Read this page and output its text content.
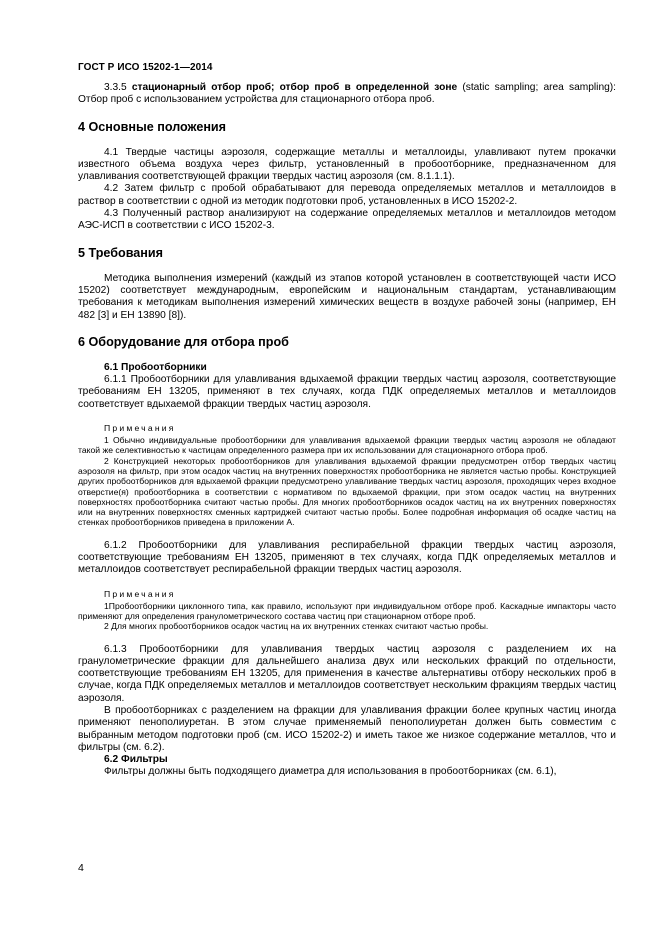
ГОСТ Р ИСО 15202-1—2014

3.3.5 стационарный отбор проб; отбор проб в определенной зоне (static sampling; area sampling): Отбор проб с использованием устройства для стационарного отбора проб.

4 Основные положения

4.1 Твердые частицы аэрозоля, содержащие металлы и металлоиды, улавливают путем прокачки известного объема воздуха через фильтр, установленный в пробоотборнике, предназначенном для улавливания соответствующей фракции твердых частиц аэрозоля (см. 8.1.1.1).

4.2 Затем фильтр с пробой обрабатывают для перевода определяемых металлов и металлоидов в раствор в соответствии с одной из методик подготовки проб, установленных в ИСО 15202-2.

4.3 Полученный раствор анализируют на содержание определяемых металлов и металлоидов методом АЭС-ИСП в соответствии с ИСО 15202-3.

5 Требования

Методика выполнения измерений (каждый из этапов которой установлен в соответствующей части ИСО 15202) соответствует международным, европейским и национальным стандартам, устанавливающим требования к методикам выполнения измерений химических веществ в воздухе рабочей зоны (например, ЕН 482 [3] и ЕН 13890 [8]).

6 Оборудование для отбора проб
6.1 Пробоотборники

6.1.1 Пробоотборники для улавливания вдыхаемой фракции твердых частиц аэрозоля, соответствующие требованиям ЕН 13205, применяют в тех случаях, когда ПДК определяемых металлов и металлоидов соответствует вдыхаемой фракции твердых частиц аэрозоля.

Примечания

1 Обычно индивидуальные пробоотборники для улавливания вдыхаемой фракции твердых частиц аэрозоля не обладают такой же селективностью к частицам определенного размера при их использовании для стационарного отбора проб.

2 Конструкцией некоторых пробоотборников для улавливания вдыхаемой фракции предусмотрен отбор твердых частиц аэрозоля на фильтр, при этом осадок частиц на внутренних поверхностях пробоотборника не является частью пробы. Конструкцией других пробоотборников для вдыхаемой фракции предусмотрено улавливание твердых частиц аэрозоля, проходящих через входное отверстие(я) пробоотборника в соответствии с нормативом по вдыхаемой фракции, при этом осадок частиц на внутренних поверхностях пробоотборника считают частью пробы. Для многих пробоотборников осадок частиц на их внутренних поверхностях или на внутренних поверхностях сменных картриджей считают частью пробы. Более подробная информация об осадке частиц на стенках пробоотборников приведена в приложении А.

6.1.2 Пробоотборники для улавливания респирабельной фракции твердых частиц аэрозоля, соответствующие требованиям ЕН 13205, применяют в тех случаях, когда ПДК определяемых металлов и металлоидов соответствует респирабельной фракции твердых частиц аэрозоля.

Примечания

1Пробоотборники циклонного типа, как правило, используют при индивидуальном отборе проб. Каскадные импакторы часто применяют для определения гранулометрического состава частиц при стационарном отборе проб.

2 Для многих пробоотборников осадок частиц на их внутренних стенках считают частью пробы.

6.1.3 Пробоотборники для улавливания твердых частиц аэрозоля с разделением их на гранулометрические фракции для дальнейшего анализа двух или нескольких фракций по отдельности, соответствующие требованиям ЕН 13205, для применения в качестве альтернативы отбору нескольких проб в случае, когда ПДК определяемых металлов и металлоидов соответствует нескольким фракциям твердых частиц аэрозоля.

В пробоотборниках с разделением на фракции для улавливания фракции более крупных частиц иногда применяют пенополиуретан. В этом случае применяемый пенополиуретан должен быть совместим с выбранным методом подготовки проб (см. ИСО 15202-2) и иметь такое же низкое содержание металлов, что и фильтры (см. 6.2).

6.2 Фильтры

Фильтры должны быть подходящего диаметра для использования в пробоотборниках (см. 6.1),

4
